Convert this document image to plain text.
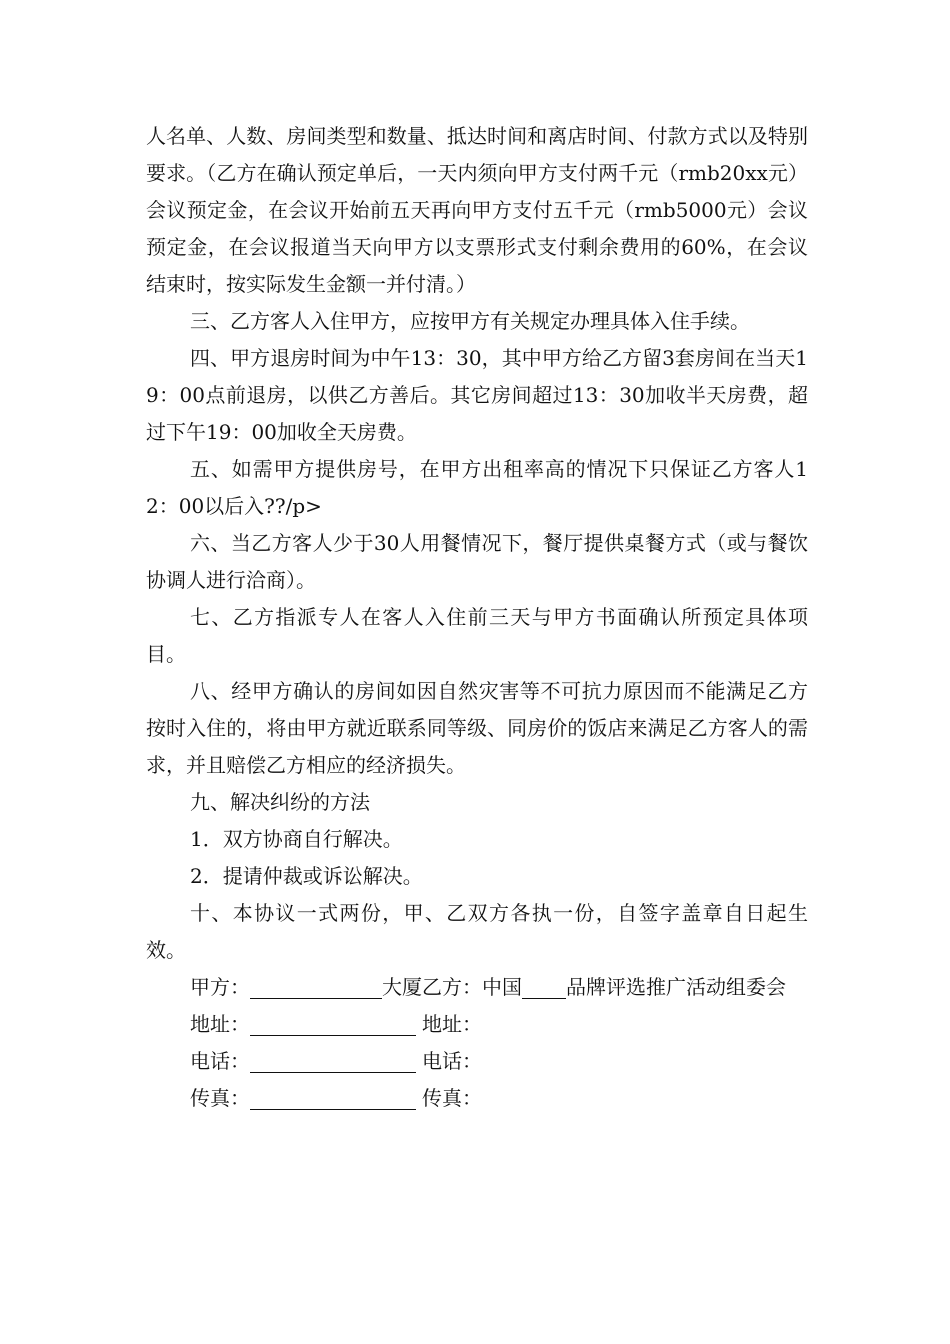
人名单、人数、房间类型和数量、抵达时间和离店时间、付款方式以及特别要求。（乙方在确认预定单后，一天内须向甲方支付两千元（rmb20xx元）会议预定金，在会议开始前五天再向甲方支付五千元（rmb5000元）会议预定金，在会议报道当天向甲方以支票形式支付剩余费用的60%，在会议结束时，按实际发生金额一并付清。）

三、乙方客人入住甲方，应按甲方有关规定办理具体入住手续。

四、甲方退房时间为中午13：30，其中甲方给乙方留3套房间在当天19：00点前退房，以供乙方善后。其它房间超过13：30加收半天房费，超过下午19：00加收全天房费。

五、如需甲方提供房号，在甲方出租率高的情况下只保证乙方客人12：00以后入??/p>

六、当乙方客人少于30人用餐情况下，餐厅提供桌餐方式（或与餐饮协调人进行洽商）。

七、乙方指派专人在客人入住前三天与甲方书面确认所预定具体项目。

八、经甲方确认的房间如因自然灾害等不可抗力原因而不能满足乙方按时入住的，将由甲方就近联系同等级、同房价的饭店来满足乙方客人的需求，并且赔偿乙方相应的经济损失。

九、解决纠纷的方法

1．双方协商自行解决。

2．提请仲裁或诉讼解决。

十、本协议一式两份，甲、乙双方各执一份，自签字盖章自日起生效。

甲方：	大厦乙方：中国 品牌评选推广活动组委会

地址：	地址：

电话：	电话：

传真：	传真：
